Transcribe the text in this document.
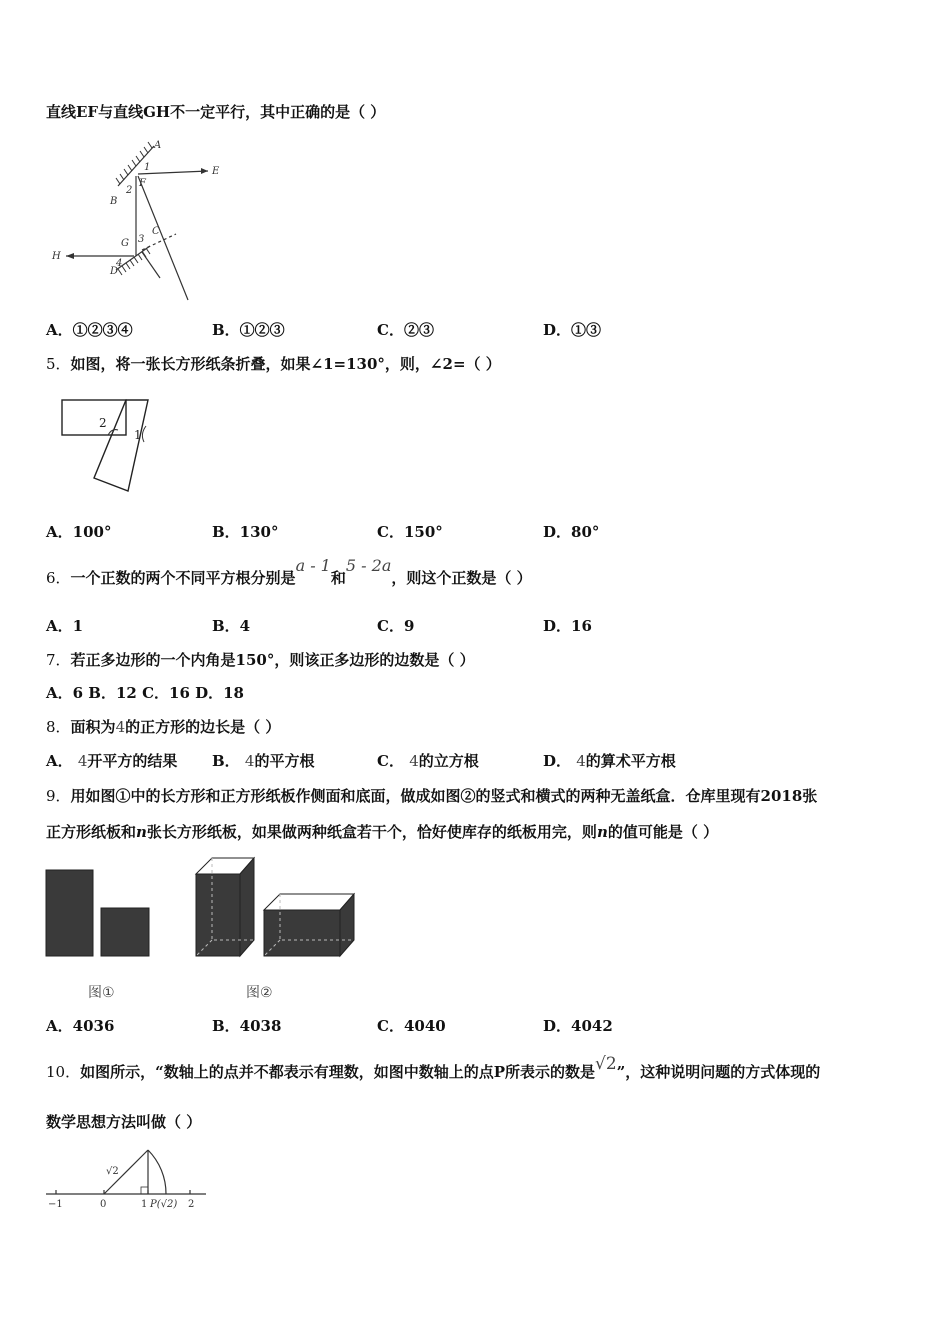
直线EF与直线GH不一定平行，其中正确的是（ ）
A
1
F
2
B
E
C
3
G
H
4
D
A．①②③④	B．①②③	C．②③	D．①③
5．如图，将一张长方形纸条折叠，如果∠1=130°，则，∠2=（ ）
2
1
A．100°	B．130°	C．150°	D．80°
6．一个正数的两个不同平方根分别是a - 1和5 - 2a，则这个正数是（ ）
A．1	B．4	C．9	D．16
7．若正多边形的一个内角是150°，则该正多边形的边数是（ ）
A．6 B．12 C．16 D．18
8．面积为4的正方形的边长是（ ）
A． 4开平方的结果 B． 4的平方根	C． 4的立方根	D． 4的算术平方根
9．用如图①中的长方形和正方形纸板作侧面和底面，做成如图②的竖式和横式的两种无盖纸盒．仓库里现有2018张
正方形纸板和n张长方形纸板，如果做两种纸盒若干个，恰好使库存的纸板用完，则n的值可能是（ ）
图①	图②
A．4036	B．4038	C．4040	D．4042
10．如图所示，“数轴上的点并不都表示有理数，如图中数轴上的点P所表示的数是√2”，这种说明问题的方式体现的
数学思想方法叫做（ ）
−1	0	1 P(√2) 2
√2
